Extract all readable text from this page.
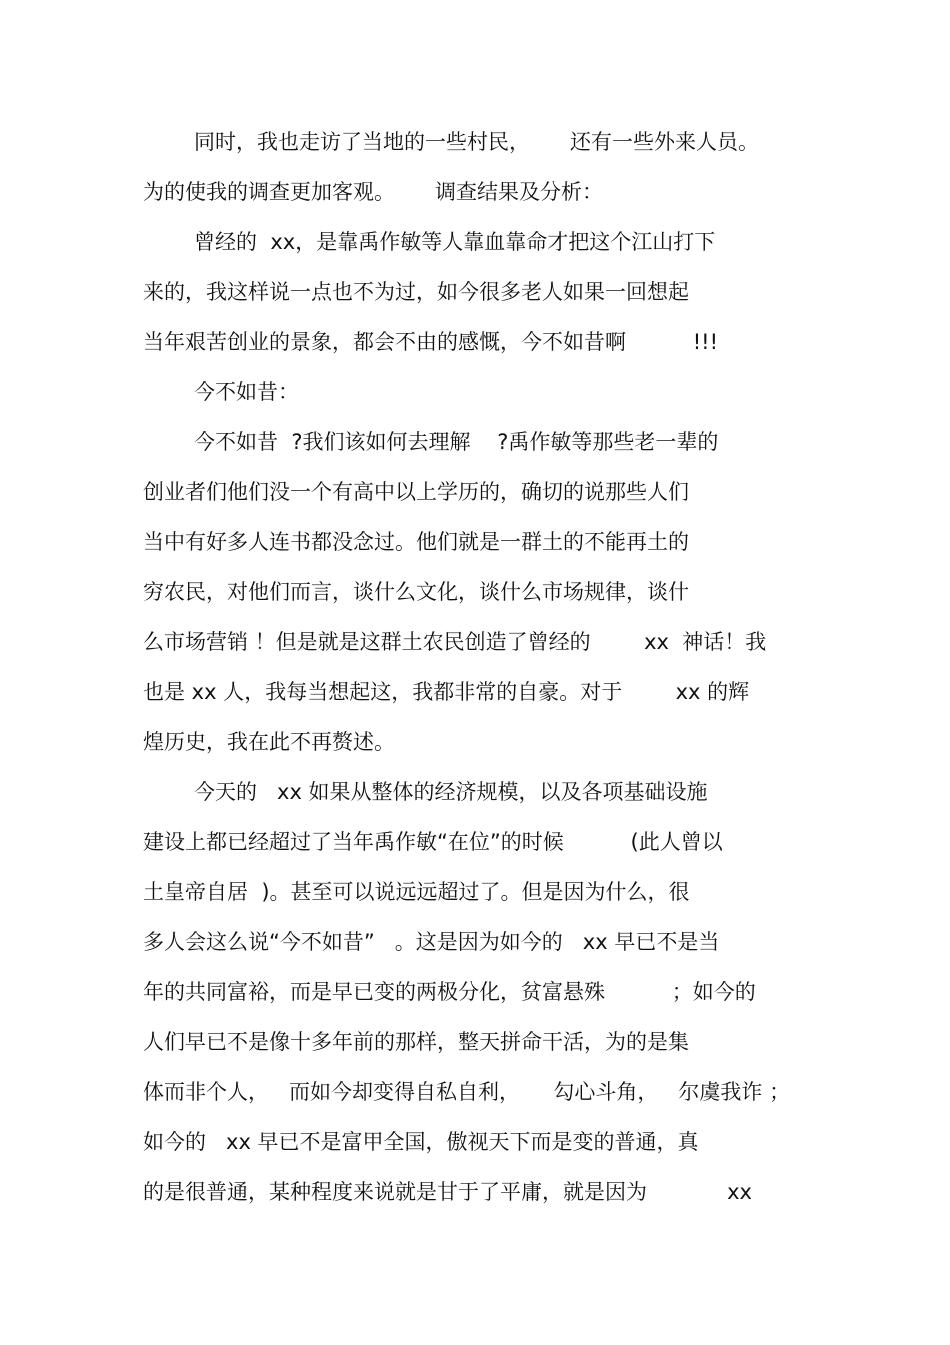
同时，我也走访了当地的一些村民，      还有一些外来人员。
为的使我的调查更加客观。      调查结果及分析：
曾经的  xx，是靠禹作敏等人靠血靠命才把这个江山打下
来的，我这样说一点也不为过，如今很多老人如果一回想起
当年艰苦创业的景象，都会不由的感慨，今不如昔啊          !!!
今不如昔：
今不如昔  ?我们该如何去理解    ?禹作敏等那些老一辈的
创业者们他们没一个有高中以上学历的，确切的说那些人们
当中有好多人连书都没念过。他们就是一群土的不能再土的
穷农民，对他们而言，谈什么文化，谈什么市场规律，谈什
么市场营销 ！但是就是这群土农民创造了曾经的        xx  神话！我
也是 xx 人，我每当想起这，我都非常的自豪。对于        xx 的辉
煌历史，我在此不再赘述。
今天的   xx 如果从整体的经济规模，以及各项基础设施
建设上都已经超过了当年禹作敏“在位”的时候          (此人曾以
土皇帝自居  )。甚至可以说远远超过了。但是因为什么，很
多人会这么说“今不如昔”   。这是因为如今的   xx 早已不是当
年的共同富裕，而是早已变的两极分化，贫富悬殊          ；如今的
人们早已不是像十多年前的那样，整天拼命干活，为的是集
体而非个人，   而如今却变得自私自利，     勾心斗角，   尔虞我诈 ；
如今的   xx 早已不是富甲全国，傲视天下而是变的普通，真
的是很普通，某种程度来说就是甘于了平庸，就是因为            xx
